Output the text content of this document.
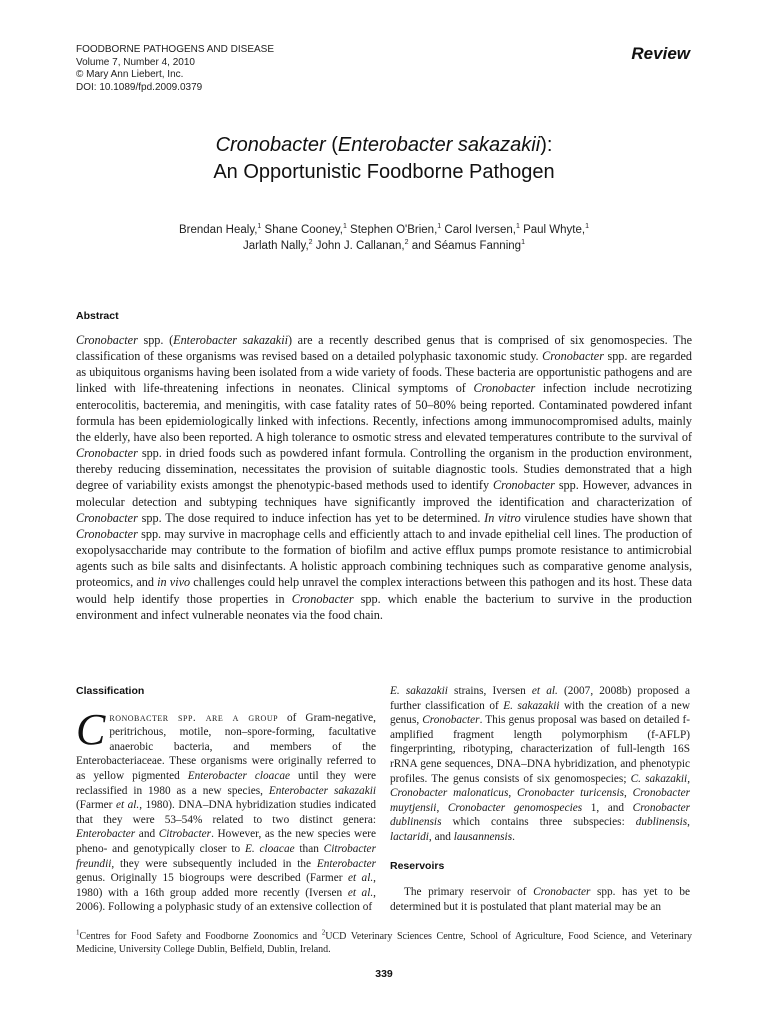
FOODBORNE PATHOGENS AND DISEASE
Volume 7, Number 4, 2010
© Mary Ann Liebert, Inc.
DOI: 10.1089/fpd.2009.0379
Review
Cronobacter (Enterobacter sakazakii):
An Opportunistic Foodborne Pathogen
Brendan Healy,$^1$ Shane Cooney,$^1$ Stephen O'Brien,$^1$ Carol Iversen,$^1$ Paul Whyte,$^1$
Jarlath Nally,$^2$ John J. Callanan,$^2$ and Séamus Fanning$^1$
Abstract
Cronobacter spp. (Enterobacter sakazakii) are a recently described genus that is comprised of six genomospecies. The classification of these organisms was revised based on a detailed polyphasic taxonomic study. Cronobacter spp. are regarded as ubiquitous organisms having been isolated from a wide variety of foods. These bacteria are opportunistic pathogens and are linked with life-threatening infections in neonates. Clinical symptoms of Cronobacter infection include necrotizing enterocolitis, bacteremia, and meningitis, with case fatality rates of 50–80% being reported. Contaminated powdered infant formula has been epidemiologically linked with infections. Recently, infections among immunocompromised adults, mainly the elderly, have also been reported. A high tolerance to osmotic stress and elevated temperatures contribute to the survival of Cronobacter spp. in dried foods such as powdered infant formula. Controlling the organism in the production environment, thereby reducing dissemination, necessitates the provision of suitable diagnostic tools. Studies demonstrated that a high degree of variability exists amongst the phenotypic-based methods used to identify Cronobacter spp. However, advances in molecular detection and subtyping techniques have significantly improved the identification and characterization of Cronobacter spp. The dose required to induce infection has yet to be determined. In vitro virulence studies have shown that Cronobacter spp. may survive in macrophage cells and efficiently attach to and invade epithelial cell lines. The production of exopolysaccharide may contribute to the formation of biofilm and active efflux pumps promote resistance to antimicrobial agents such as bile salts and disinfectants. A holistic approach combining techniques such as comparative genome analysis, proteomics, and in vivo challenges could help unravel the complex interactions between this pathogen and its host. These data would help identify those properties in Cronobacter spp. which enable the bacterium to survive in the production environment and infect vulnerable neonates via the food chain.
Classification

Cronobacter spp. are a group of Gram-negative, peritrichous, motile, non–spore-forming, facultative anaerobic bacteria, and members of the Enterobacteriaceae. These organisms were originally referred to as yellow pigmented Enterobacter cloacae until they were reclassified in 1980 as a new species, Enterobacter sakazakii (Farmer et al., 1980). DNA–DNA hybridization studies indicated that they were 53–54% related to two distinct genera: Enterobacter and Citrobacter. However, as the new species were pheno- and genotypically closer to E. cloacae than Citrobacter freundii, they were subsequently included in the Enterobacter genus. Originally 15 biogroups were described (Farmer et al., 1980) with a 16th group added more recently (Iversen et al., 2006). Following a polyphasic study of an extensive collection of

E. sakazakii strains, Iversen et al. (2007, 2008b) proposed a further classification of E. sakazakii with the creation of a new genus, Cronobacter. This genus proposal was based on detailed f-amplified fragment length polymorphism (f-AFLP) fingerprinting, ribotyping, characterization of full-length 16S rRNA gene sequences, DNA–DNA hybridization, and phenotypic profiles. The genus consists of six genomospecies; C. sakazakii, Cronobacter malonaticus, Cronobacter turicensis, Cronobacter muytjensii, Cronobacter genomospecies 1, and Cronobacter dublinensis which contains three subspecies: dublinensis, lactaridi, and lausannensis.

Reservoirs

The primary reservoir of Cronobacter spp. has yet to be determined but it is postulated that plant material may be an

$^1$Centres for Food Safety and Foodborne Zoonomics and $^2$UCD Veterinary Sciences Centre, School of Agriculture, Food Science, and Veterinary Medicine, University College Dublin, Belfield, Dublin, Ireland.
339
